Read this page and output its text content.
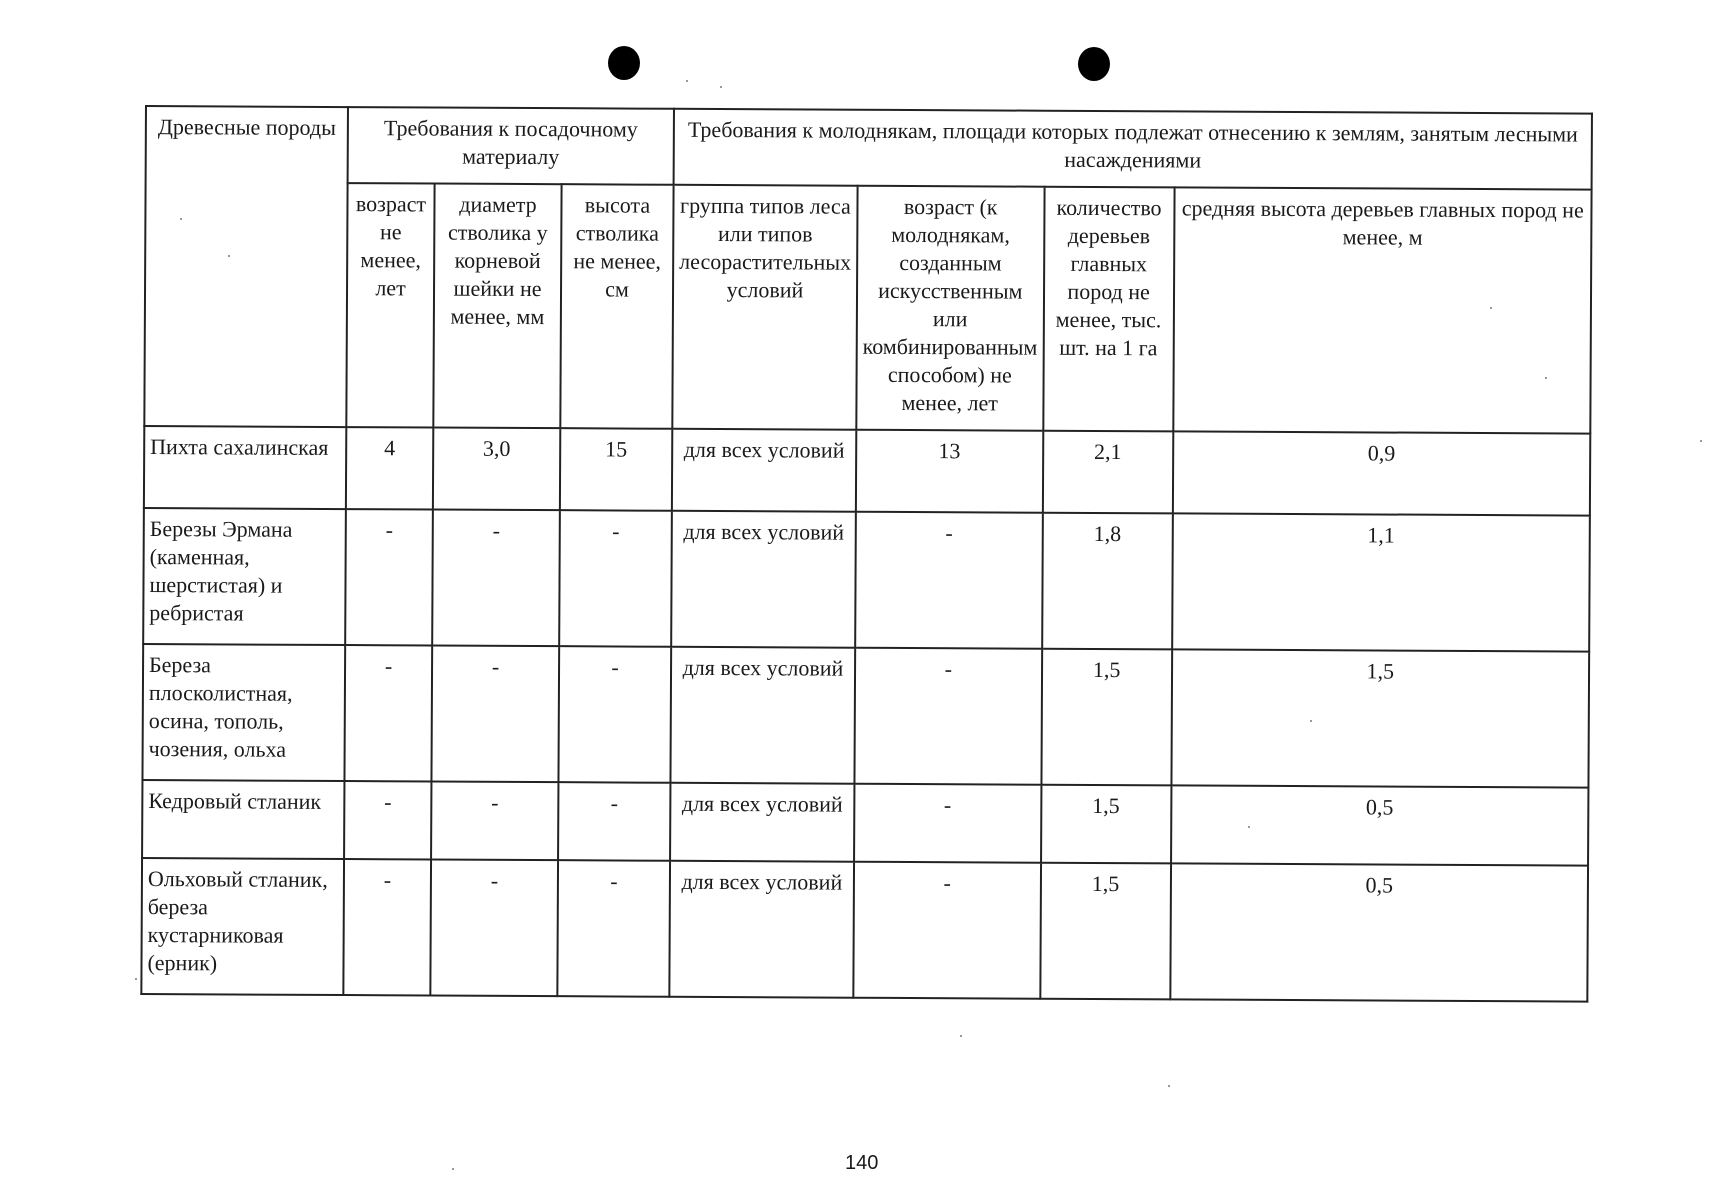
Древесные породы	Требования к посадочному материалу			Требования к молоднякам, площади которых подлежат отнесению к землям, занятым лесными насаждениями			
	возраст не менее, лет	диаметр стволика у корневой шейки не менее, мм	высота стволика не менее, см	группа типов леса или типов лесорастительных условий	возраст (к молоднякам, созданным искусственным или комбинированным способом) не менее, лет	количество деревьев главных пород не менее, тыс. шт. на 1 га	средняя высота деревьев главных пород не менее, м
Пихта сахалинская	4	3,0	15	для всех условий	13	2,1	0,9
Березы Эрмана (каменная, шерстистая) и ребристая	-	-	-	для всех условий	-	1,8	1,1
Береза плосколистная, осина, тополь, чозения, ольха	-	-	-	для всех условий	-	1,5	1,5
Кедровый стланик	-	-	-	для всех условий	-	1,5	0,5
Ольховый стланик, береза кустарниковая (ерник)	-	-	-	для всех условий	-	1,5	0,5
140
